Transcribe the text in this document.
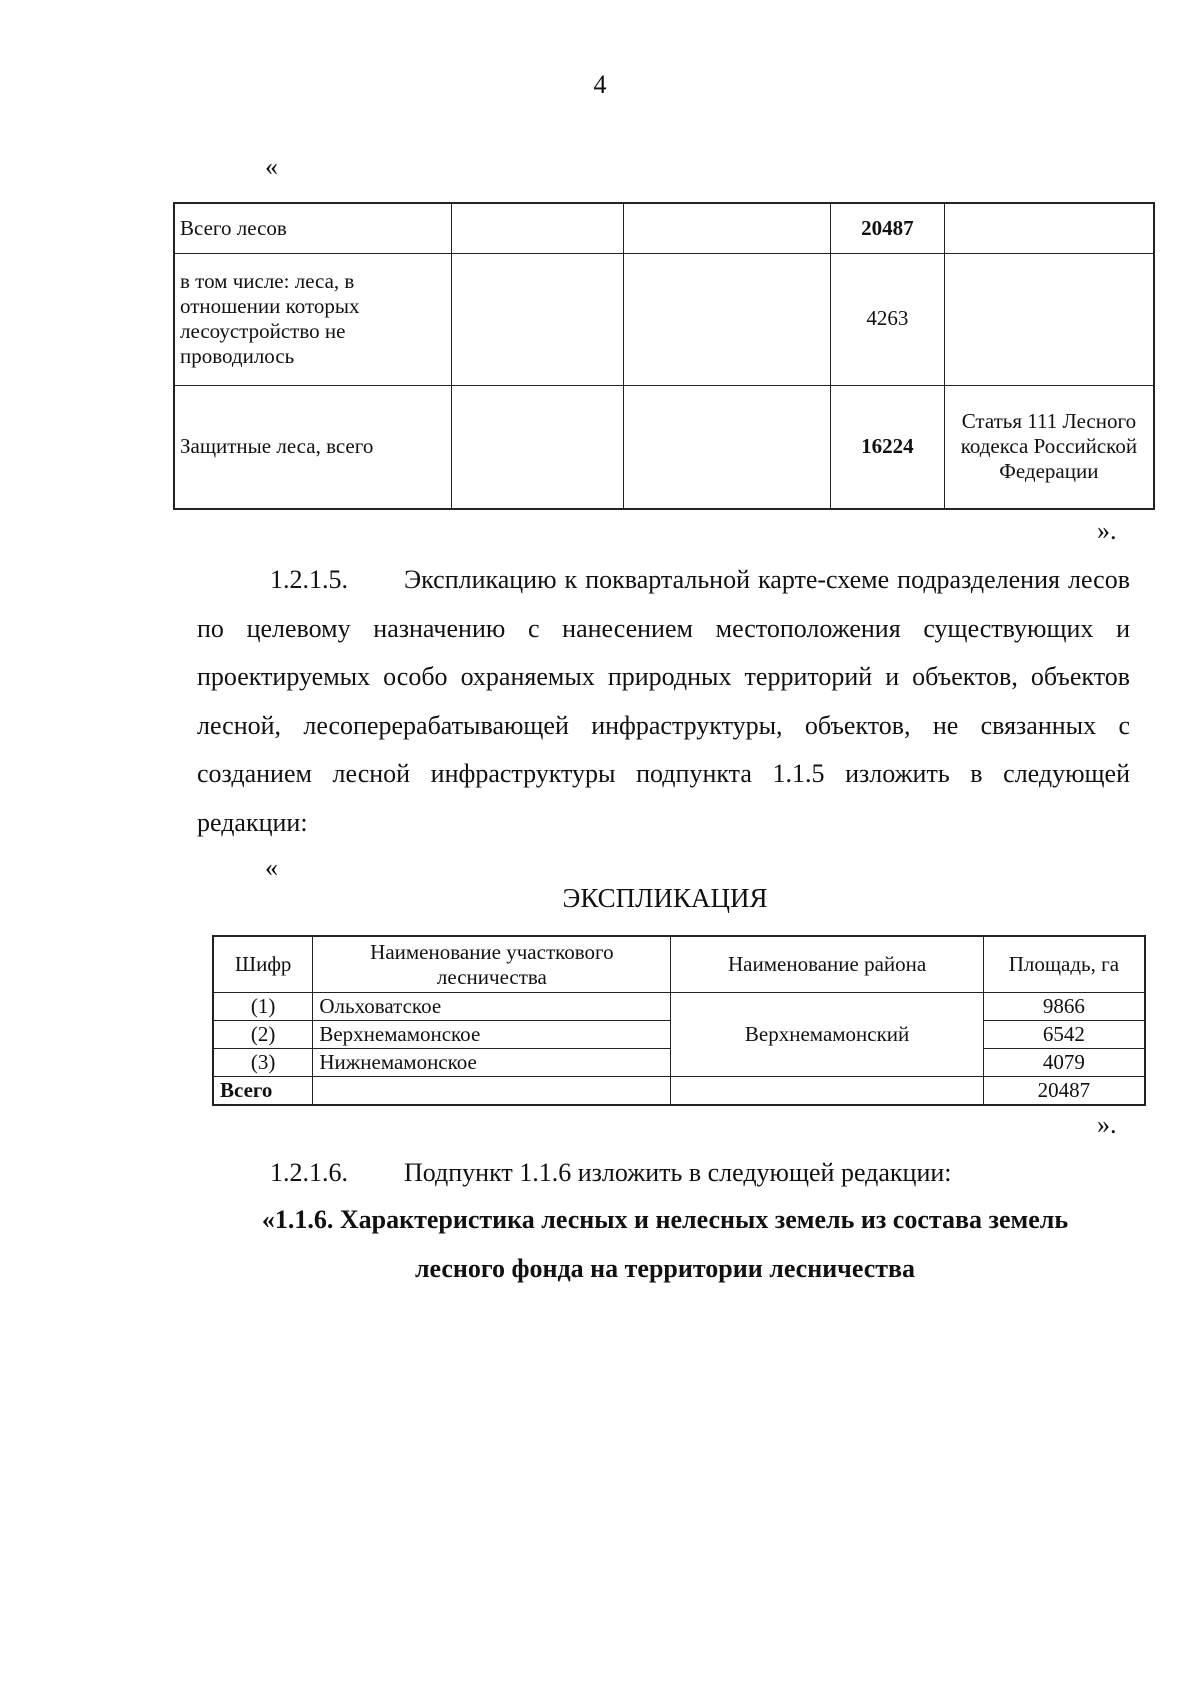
4
«
Всего лесов			20487	
в том числе: леса, в отношении которых лесоустройство не проводилось			4263	
Защитные леса, всего			16224	Статья 111 Лесного кодекса Российской Федерации
».

1.2.1.5. Экспликацию к поквартальной карте-схеме подразделения лесов по целевому назначению с нанесением местоположения существующих и проектируемых особо охраняемых природных территорий и объектов, объектов лесной, лесоперерабатывающей инфраструктуры, объектов, не связанных с созданием лесной инфраструктуры подпункта 1.1.5 изложить в следующей редакции:

«
ЭКСПЛИКАЦИЯ
Шифр	Наименование участкового лесничества	Наименование района	Площадь, га
(1)	Ольховатское	Верхнемамонский	9866
(2)	Верхнемамонское		6542
(3)	Нижнемамонское		4079
Всего			20487
».
1.2.1.6. Подпункт 1.1.6 изложить в следующей редакции:
«1.1.6. Характеристика лесных и нелесных земель из состава земель
лесного фонда на территории лесничества
